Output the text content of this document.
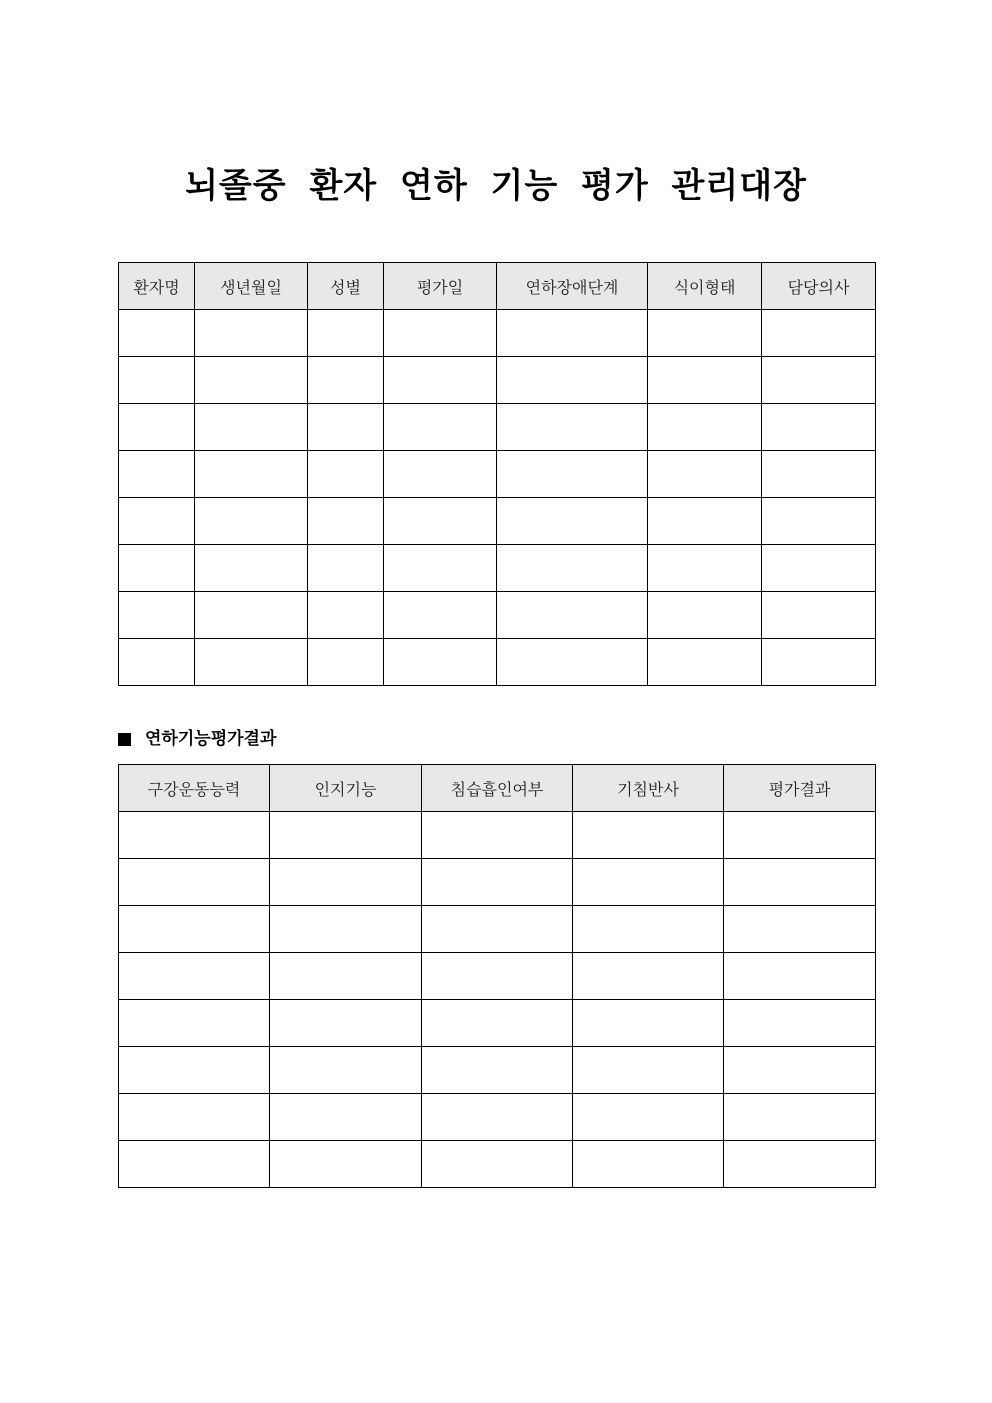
뇌졸중 환자 연하 기능 평가 관리대장
환자명	생년월일	성별	평가일	연하장애단계	식이형태	담당의사

연하기능평가결과
구강운동능력	인지기능	침습흡인여부	기침반사	평가결과
